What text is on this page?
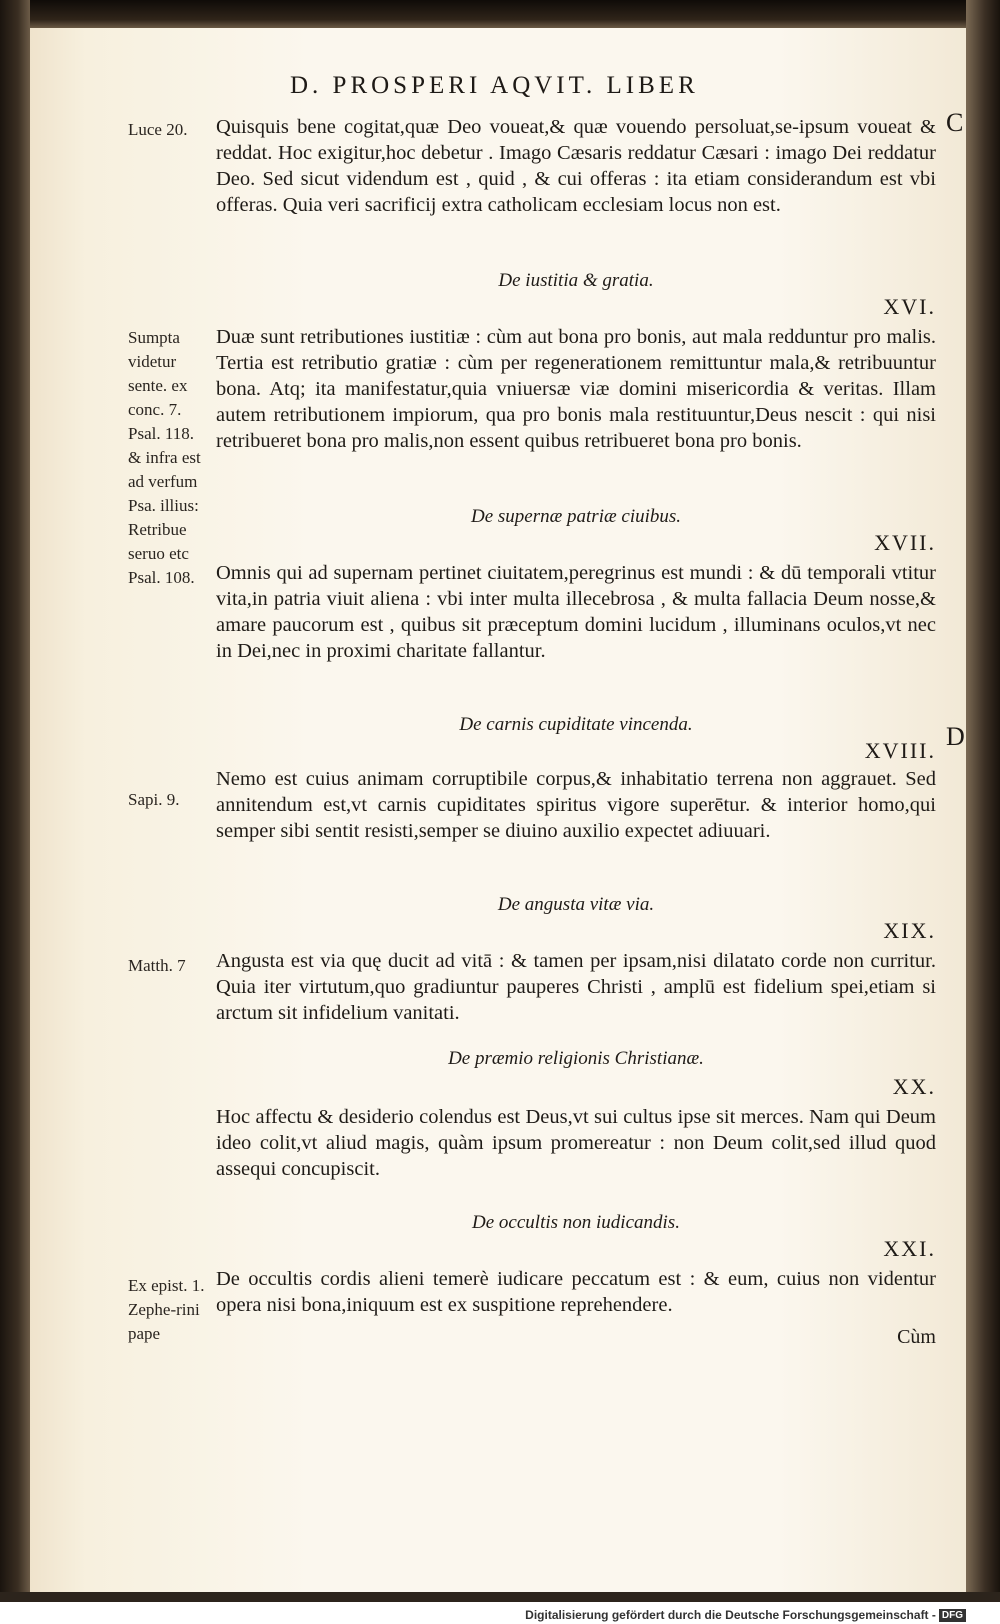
D. PROSPERI AQVIT. LIBER
C
D
Luce 20.
Sumpta videtur sente. ex conc. 7. Psal. 118. & infra est ad verfum Psa. illius: Retribue seruo etc Psal. 108.
Sapi. 9.
Matth. 7
Ex epist. 1. Zephe-rini pape
Quisquis bene cogitat,quæ Deo voueat,& quæ vouendo persoluat,se-ipsum voueat & reddat. Hoc exigitur,hoc debetur . Imago Cæsaris reddatur Cæsari : imago Dei reddatur Deo. Sed sicut videndum est , quid , & cui offeras : ita etiam considerandum est vbi offeras. Quia veri sacrificij extra catholicam ecclesiam locus non est.
De iustitia & gratia.
XVI.
Duæ sunt retributiones iustitiæ : cùm aut bona pro bonis, aut mala redduntur pro malis. Tertia est retributio gratiæ : cùm per regenerationem remittuntur mala,& retribuuntur bona. Atq; ita manifestatur,quia vniuersæ viæ domini misericordia & veritas. Illam autem retributionem impiorum, qua pro bonis mala restituuntur,Deus nescit : qui nisi retribueret bona pro malis,non essent quibus retribueret bona pro bonis.
De supernæ patriæ ciuibus.
XVII.
Omnis qui ad supernam pertinet ciuitatem,peregrinus est mundi : & dū temporali vtitur vita,in patria viuit aliena : vbi inter multa illecebrosa , & multa fallacia Deum nosse,& amare paucorum est , quibus sit præceptum domini lucidum , illuminans oculos,vt nec in Dei,nec in proximi charitate fallantur.
De carnis cupiditate vincenda.
XVIII.
Nemo est cuius animam corruptibile corpus,& inhabitatio terrena non aggrauet. Sed annitendum est,vt carnis cupiditates spiritus vigore superētur. & interior homo,qui semper sibi sentit resisti,semper se diuino auxilio expectet adiuuari.
De angusta vitæ via.
XIX.
Angusta est via quę ducit ad vitā : & tamen per ipsam,nisi dilatato corde non curritur. Quia iter virtutum,quo gradiuntur pauperes Christi , amplū est fidelium spei,etiam si arctum sit infidelium vanitati.
De præmio religionis Christianæ.
XX.
Hoc affectu & desiderio colendus est Deus,vt sui cultus ipse sit merces. Nam qui Deum ideo colit,vt aliud magis, quàm ipsum promereatur : non Deum colit,sed illud quod assequi concupiscit.
De occultis non iudicandis.
XXI.
De occultis cordis alieni temerè iudicare peccatum est : & eum, cuius non videntur opera nisi bona,iniquum est ex suspitione reprehendere.
Cùm
Digitalisierung gefördert durch die Deutsche Forschungsgemeinschaft - DFG
